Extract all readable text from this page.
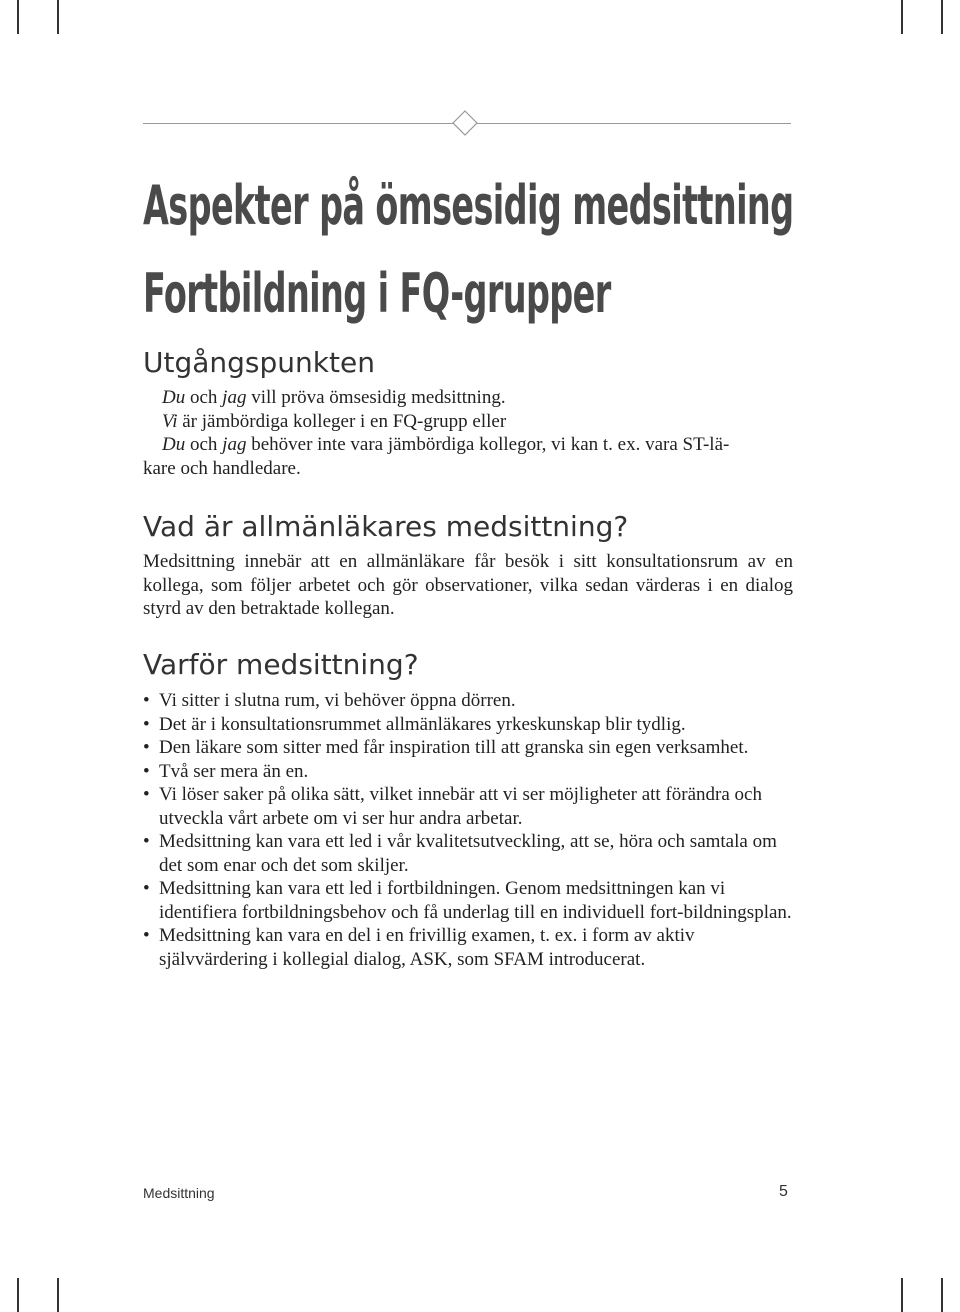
Aspekter på ömsesidig medsittning
Fortbildning i FQ-grupper
Utgångspunkten
Du och jag vill pröva ömsesidig medsittning.
Vi är jämbördiga kolleger i en FQ-grupp eller
Du och jag behöver inte vara jämbördiga kollegor, vi kan t. ex. vara ST-lä-
kare och handledare.
Vad är allmänläkares medsittning?

Medsittning innebär att en allmänläkare får besök i sitt konsultationsrum av en kollega, som följer arbetet och gör observationer, vilka sedan värderas i en dialog styrd av den betraktade kollegan.

Varför medsittning?
• Vi sitter i slutna rum, vi behöver öppna dörren.
• Det är i konsultationsrummet allmänläkares yrkeskunskap blir tydlig.
• Den läkare som sitter med får inspiration till att granska sin egen verksamhet.
• Två ser mera än en.
• Vi löser saker på olika sätt, vilket innebär att vi ser möjligheter att förändra och utveckla vårt arbete om vi ser hur andra arbetar.
• Medsittning kan vara ett led i vår kvalitetsutveckling, att se, höra och samtala om det som enar och det som skiljer.
• Medsittning kan vara ett led i fortbildningen. Genom medsittningen kan vi identifiera fortbildningsbehov och få underlag till en individuell fort-bildningsplan.
• Medsittning kan vara en del i en frivillig examen, t. ex. i form av aktiv självvärdering i kollegial dialog, ASK, som SFAM introducerat.
Medsittning	5
